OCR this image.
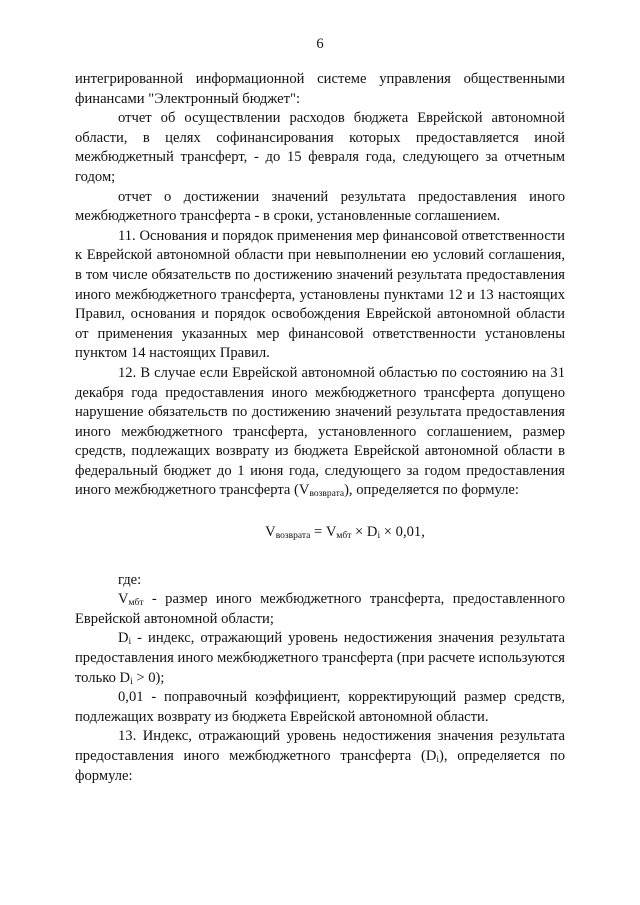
6

интегрированной информационной системе управления общественными финансами "Электронный бюджет":

отчет об осуществлении расходов бюджета Еврейской автономной области, в целях софинансирования которых предоставляется иной межбюджетный трансферт, - до 15 февраля года, следующего за отчетным годом;

отчет о достижении значений результата предоставления иного межбюджетного трансферта - в сроки, установленные соглашением.

11. Основания и порядок применения мер финансовой ответственности к Еврейской автономной области при невыполнении ею условий соглашения, в том числе обязательств по достижению значений результата предоставления иного межбюджетного трансферта, установлены пунктами 12 и 13 настоящих Правил, основания и порядок освобождения Еврейской автономной области от применения указанных мер финансовой ответственности установлены пунктом 14 настоящих Правил.

12. В случае если Еврейской автономной областью по состоянию на 31 декабря года предоставления иного межбюджетного трансферта допущено нарушение обязательств по достижению значений результата предоставления иного межбюджетного трансферта, установленного соглашением, размер средств, подлежащих возврату из бюджета Еврейской автономной области в федеральный бюджет до 1 июня года, следующего за годом предоставления иного межбюджетного трансферта $(V_{возврата})$, определяется по формуле:

$V_{возврата} = V_{мбт} \times D_i \times 0,01$,

где:

$V_{мбт}$ - размер иного межбюджетного трансферта, предоставленного Еврейской автономной области;

$D_i$ - индекс, отражающий уровень недостижения значения результата предоставления иного межбюджетного трансферта (при расчете используются только $D_i > 0$);

0,01 - поправочный коэффициент, корректирующий размер средств, подлежащих возврату из бюджета Еврейской автономной области.

13. Индекс, отражающий уровень недостижения значения результата предоставления иного межбюджетного трансферта $(D_i)$, определяется по формуле:
